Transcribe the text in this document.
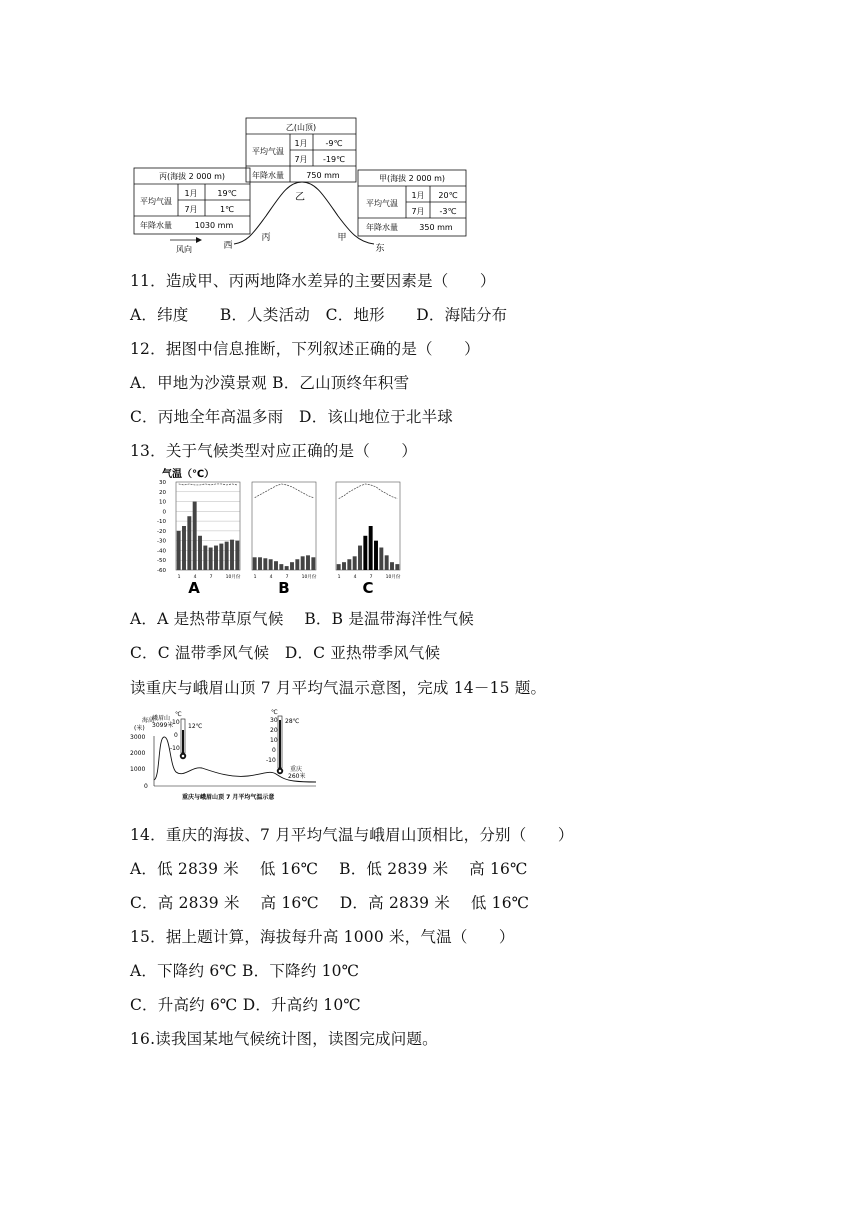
乙(山顶)
平均气温
1月 -9℃
7月 -19℃
年降水量	750 mm
丙(海拔 2 000 m)
平均气温
1月 19℃
7月	1℃
年降水量	1030 mm
甲(海拔 2 000 m)
平均气温
1月 20℃
7月 -3℃
年降水量	350 mm
乙
丙	甲
西	东
风向
11．造成甲、丙两地降水差异的主要因素是（　　）
A．纬度　　B．人类活动　C．地形　　D．海陆分布
12．据图中信息推断，下列叙述正确的是（　　）
A．甲地为沙漠景观 B．乙山顶终年积雪
C．丙地全年高温多雨　D．该山地位于北半球
13．关于气候类型对应正确的是（　　）
气温（℃）
30
20
10
0
-10
-20
-30
-40
-50
-60
1	4	7	10月份
A
1	4	7	10月份
B
1	4	7	10月份
C
A．A 是热带草原气候　 B．B 是温带海洋性气候
C．C 温带季风气候　D．C 亚热带季风气候
读重庆与峨眉山顶 7 月平均气温示意图，完成 14－15 题。
海高
(米)
3000
2000
1000
0
峨眉山
3099米
℃
10
0
-10
12℃
℃
30
20
10
0
-10
28℃
重庆
260米
重庆与峨眉山顶 7 月平均气温示意
14．重庆的海拔、7 月平均气温与峨眉山顶相比，分别（　　）
A．低 2839 米　 低 16℃　 B．低 2839 米　 高 16℃
C．高 2839 米　 高 16℃　 D．高 2839 米　 低 16℃
15．据上题计算，海拔每升高 1000 米，气温（　　）
A．下降约 6℃ B．下降约 10℃
C．升高约 6℃ D．升高约 10℃
16.读我国某地气候统计图，读图完成问题。
